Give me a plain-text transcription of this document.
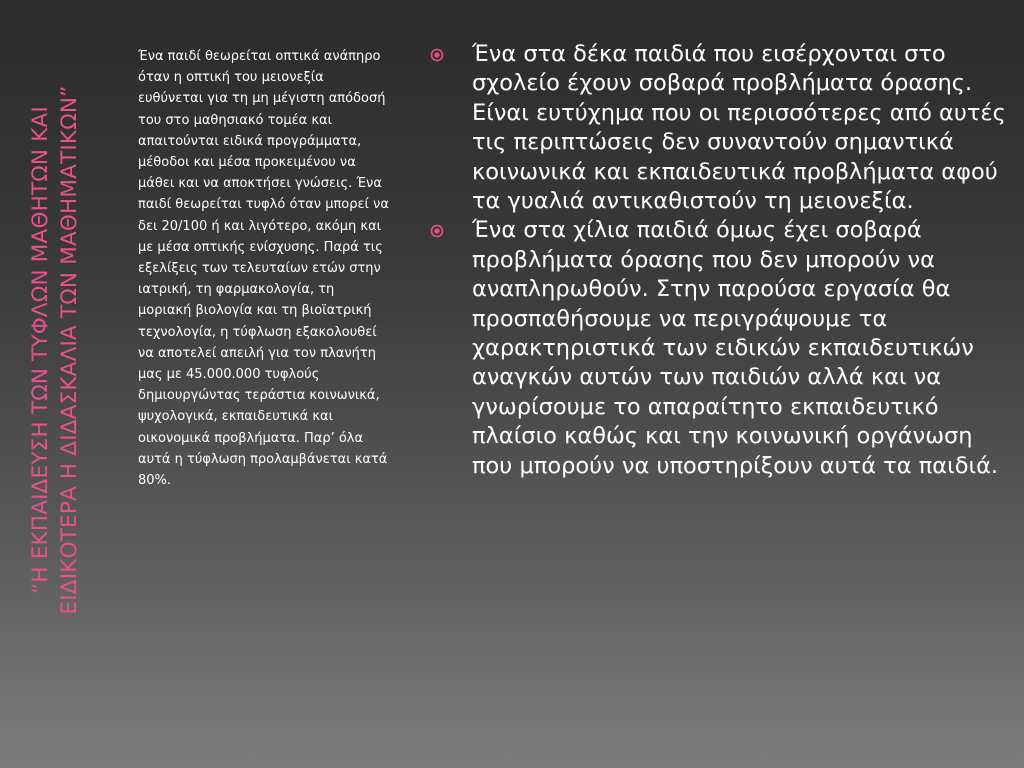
“Η ΕΚΠΑΙΔΕΥΣΗ ΤΩΝ ΤΥΦΛΩΝ ΜΑΘΗΤΩΝ ΚΑΙ ΕΙΔΙΚΟΤΕΡΑ Η ΔΙΔΑΣΚΑΛΙΑ ΤΩΝ ΜΑΘΗΜΑΤΙΚΩΝ”
Ένα παιδί θεωρείται οπτικά ανάπηρο όταν η οπτική του μειονεξία ευθύνεται για τη μη μέγιστη απόδοσή του στο μαθησιακό τομέα και απαιτούνται ειδικά προγράμματα, μέθοδοι και μέσα προκειμένου να μάθει και να αποκτήσει γνώσεις. Ένα παιδί θεωρείται τυφλό όταν μπορεί να δει 20/100 ή και λιγότερο, ακόμη και με μέσα οπτικής ενίσχυσης. Παρά τις εξελίξεις των τελευταίων ετών στην ιατρική, τη φαρμακολογία, τη μοριακή βιολογία και τη βιοϊατρική τεχνολογία, η τύφλωση εξακολουθεί να αποτελεί απειλή για τον πλανήτη μας με 45.000.000 τυφλούς δημιουργώντας τεράστια κοινωνικά, ψυχολογικά, εκπαιδευτικά και οικονομικά προβλήματα. Παρ’ όλα αυτά η τύφλωση προλαμβάνεται κατά 80%.
Ένα στα δέκα παιδιά που εισέρχονται στο σχολείο έχουν σοβαρά προβλήματα όρασης. Είναι ευτύχημα που οι περισσότερες από αυτές τις περιπτώσεις δεν συναντούν σημαντικά κοινωνικά και εκπαιδευτικά προβλήματα αφού τα γυαλιά αντικαθιστούν τη μειονεξία.
Ένα στα χίλια παιδιά όμως έχει σοβαρά προβλήματα όρασης που δεν μπορούν να αναπληρωθούν. Στην παρούσα εργασία θα προσπαθήσουμε να περιγράψουμε τα χαρακτηριστικά των ειδικών εκπαιδευτικών αναγκών αυτών των παιδιών αλλά και να γνωρίσουμε το απαραίτητο εκπαιδευτικό πλαίσιο καθώς και την κοινωνική οργάνωση που μπορούν να υποστηρίξουν αυτά τα παιδιά.
